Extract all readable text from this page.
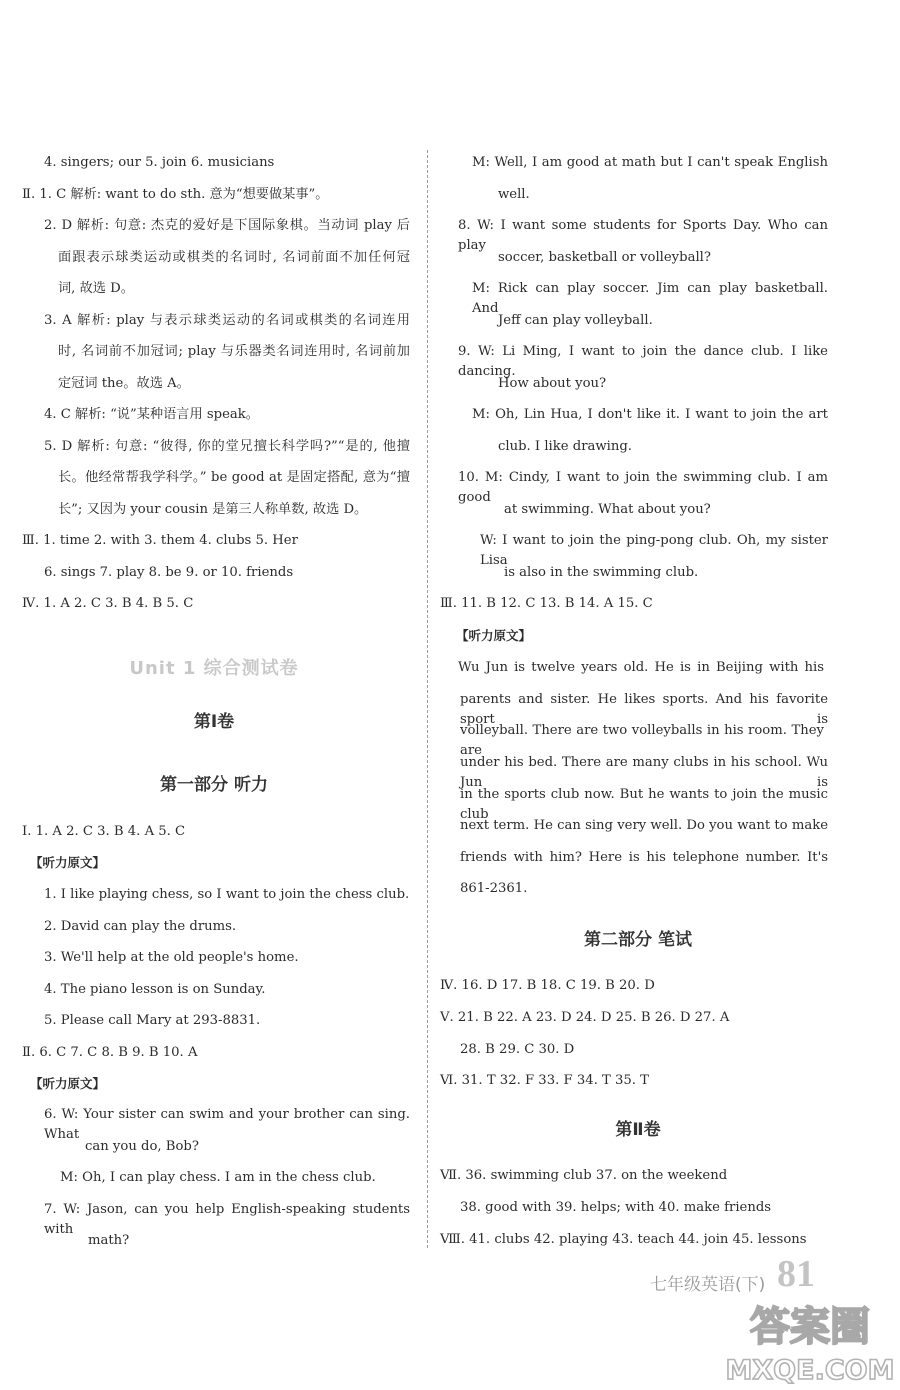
4. singers; our 5. join 6. musicians
Ⅱ. 1. C 解析: want to do sth. 意为“想要做某事”。
2. D 解析: 句意: 杰克的爱好是下国际象棋。当动词 play 后
面跟表示球类运动或棋类的名词时, 名词前面不加任何冠
词, 故选 D。
3. A 解析: play 与表示球类运动的名词或棋类的名词连用
时, 名词前不加冠词; play 与乐器类名词连用时, 名词前加
定冠词 the。故选 A。
4. C 解析: “说”某种语言用 speak。
5. D 解析: 句意: “彼得, 你的堂兄擅长科学吗?”“是的, 他擅
长。他经常帮我学科学。” be good at 是固定搭配, 意为“擅
长”; 又因为 your cousin 是第三人称单数, 故选 D。
Ⅲ. 1. time 2. with 3. them 4. clubs 5. Her
6. sings 7. play 8. be 9. or 10. friends
Ⅳ. 1. A 2. C 3. B 4. B 5. C
Unit 1 综合测试卷
第Ⅰ卷
第一部分 听力
Ⅰ. 1. A 2. C 3. B 4. A 5. C
【听力原文】
1. I like playing chess, so I want to join the chess club.
2. David can play the drums.
3. We'll help at the old people's home.
4. The piano lesson is on Sunday.
5. Please call Mary at 293-8831.
Ⅱ. 6. C 7. C 8. B 9. B 10. A
【听力原文】
6. W: Your sister can swim and your brother can sing. What
can you do, Bob?
M: Oh, I can play chess. I am in the chess club.
7. W: Jason, can you help English-speaking students with
math?
M: Well, I am good at math but I can't speak English
well.
8. W: I want some students for Sports Day. Who can play
soccer, basketball or volleyball?
M: Rick can play soccer. Jim can play basketball. And
Jeff can play volleyball.
9. W: Li Ming, I want to join the dance club. I like dancing.
How about you?
M: Oh, Lin Hua, I don't like it. I want to join the art
club. I like drawing.
10. M: Cindy, I want to join the swimming club. I am good
at swimming. What about you?
W: I want to join the ping-pong club. Oh, my sister Lisa
is also in the swimming club.
Ⅲ. 11. B 12. C 13. B 14. A 15. C
【听力原文】
Wu Jun is twelve years old. He is in Beijing with his
parents and sister. He likes sports. And his favorite sport is
volleyball. There are two volleyballs in his room. They are
under his bed. There are many clubs in his school. Wu Jun is
in the sports club now. But he wants to join the music club
next term. He can sing very well. Do you want to make
friends with him? Here is his telephone number. It's
861-2361.
第二部分 笔试
Ⅳ. 16. D 17. B 18. C 19. B 20. D
Ⅴ. 21. B 22. A 23. D 24. D 25. B 26. D 27. A
28. B 29. C 30. D
Ⅵ. 31. T 32. F 33. F 34. T 35. T
第Ⅱ卷
Ⅶ. 36. swimming club 37. on the weekend
38. good with 39. helps; with 40. make friends
Ⅷ. 41. clubs 42. playing 43. teach 44. join 45. lessons
七年级英语(下) 81
答案圈
MXQE.COM
